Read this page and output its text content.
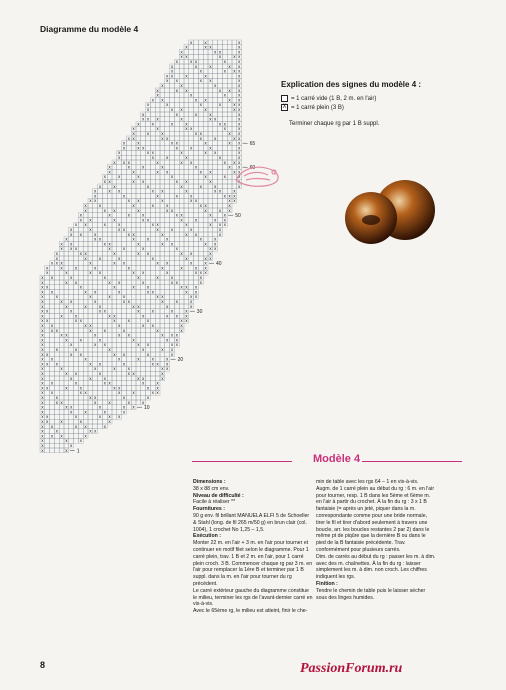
Diagramme du modèle 4
x	x
x	x
x	x	x
x x x	x
x	x	x x
x x	x x	x
x x	x	x	x
x x	x	x x x
x	x	x	x	x
x	x x	x	x x
x	x x	x	x	x	x
x	x	x x	x	x
x x	x x	x	x	x x
x x	x	x	x x	x x
x x	x	x x	x	x
x	x	x	x	x x	x
x	x x	x	x x	x
x	x	x	x	x	x x
x x x	x x	x	x x x
x x	x	x	x	x	x
x x	x x	x x	x	x
x	x	x	x	x	x x
x	x	x x	x x	x x
x	x	x	x	x	x x
x	x x	x	x x	x x x
x x x	x	x	x	x	x
x x	x x	x	x x	x
x x	x x	x	x	x	x x
x	x	x	x x	x	x x x
x x	x	x x	x	x	x	x
x	x	x	x	x x	x	x
x	x x	x	x x	x	x	x
x	x	x	x	x	x x	x x
x x	x x	x	x x	x x
x x	x	x	x	x	x x x
x	x x	x x	x	x x	x
x x	x	x	x	x	x	x
x	x	x x	x x	x	x x x
x	x	x	x	x	x	x	x x
x x x	x	x x	x x	x	x
x	x	x	x	x	x	x x
x	x x	x	x x	x x	x
x x x	x	x	x	x	x x
x x	x x	x	x x	x x
x	x x	x	x	x	x	x
x x	x	x x	x	x x	x
x	x	x x	x	x	x	x
x x	x	x	x x	x	x x x
x x	x	x x	x	x	x x
x	x	x	x	x x	x	x
x	x x	x	x x	x	x x
x	x	x	x	x	x x	x
x x	x x	x	x x	x x
x	x	x	x	x	x x x
x	x x	x x	x	x x	x
x	x	x	x	x	x	x
x x	x x	x x	x	x
x	x	x	x	x	x	x
x	x	x x	x x	x x
x	x	x	x	x	x x
x x x	x	x x	x x x
x	x	x	x	x	x
x	x x	x	x x	x
x	x x	x	x	x	x
x	x	x x	x	x x
x x	x x	x	x	x x
x	x	x	x x	x x
x	x	x x	x	x
x	x	x	x	x x	x
x x x	x	x x	x
x	x	x	x	x
x	x x	x	x x
x	x	x	x	x x
x x	x x	x x
x	x	x	x
x	x x	x x x
x	x	x	x
x x	x x	x
x x	x	x	x
x	x	x x x
x	x	x	x x
x	x x	x	x
x x	x	x x
x	x x	x
x	x x	x
x	x	x
65
60
50
40
30
20
10
1
Explication des signes du modèle 4 :
= 1 carré vide (1 B, 2 m. en l'air)
X = 1 carré plein (3 B)

Terminer chaque rg par 1 B suppl.

Modèle 4
Dimensions :
38 x 88 cm env.
Niveau de difficulté :
Facile à réaliser **
Fournitures :
90 g env. fil brillant MANUELA ELFI 5 de Schoeller & Stahl (long. de fil 265 m/50 g) en brun clair (col. 1004), 1 crochet No 1,25 – 1,5.
Exécution :
Monter 22 m. en l'air + 3 m. en l'air pour tourner et continuer en motif filet selon le diagramme. Pour 1 carré plein, trav. 1 B et 2 m. en l'air, pour 1 carré plein croch. 3 B. Commencer chaque rg par 3 m. en l'air pour remplacer la 1ère B et terminer par 1 B suppl. dans la m. en l'air pour tourner du rg précédent.
Le carré extérieur gauche du diagramme constitue le milieu, terminer les rgs de l'avant-dernier carré en vis-à-vis.
Avec le 65ème rg, le milieu est atteint, finir le che-
min de table avec les rgs 64 – 1 en vis-à-vis.
Augm. de 1 carré plein au début du rg : 6 m. en l'air pour tourner, resp. 1 B dans les 5ème et 6ème m. en l'air à partir du crochet. À la fin du rg : 3 x 1 B fantaisie (= après un jeté, piquer dans la m. correspondante comme pour une bride normale, tirer le fil et tirer d'abord seulement à travers une boucle, arr. les boucles restantes 2 par 2) dans le même pt de piqûre que la dernière B ou dans le pied de la B fantaisie précédente. Trav. conformément pour plusieurs carrés.
Dim. de carrés au début du rg : passer les m. à dim. avec des m. chaînettes. À la fin du rg : laisser simplement les m. à dim. non croch. Les chiffres indiquent les rgs.
Finition :
Tendre le chemin de table puis le laisser sécher sous des linges humides.
8	PassionForum.ru
